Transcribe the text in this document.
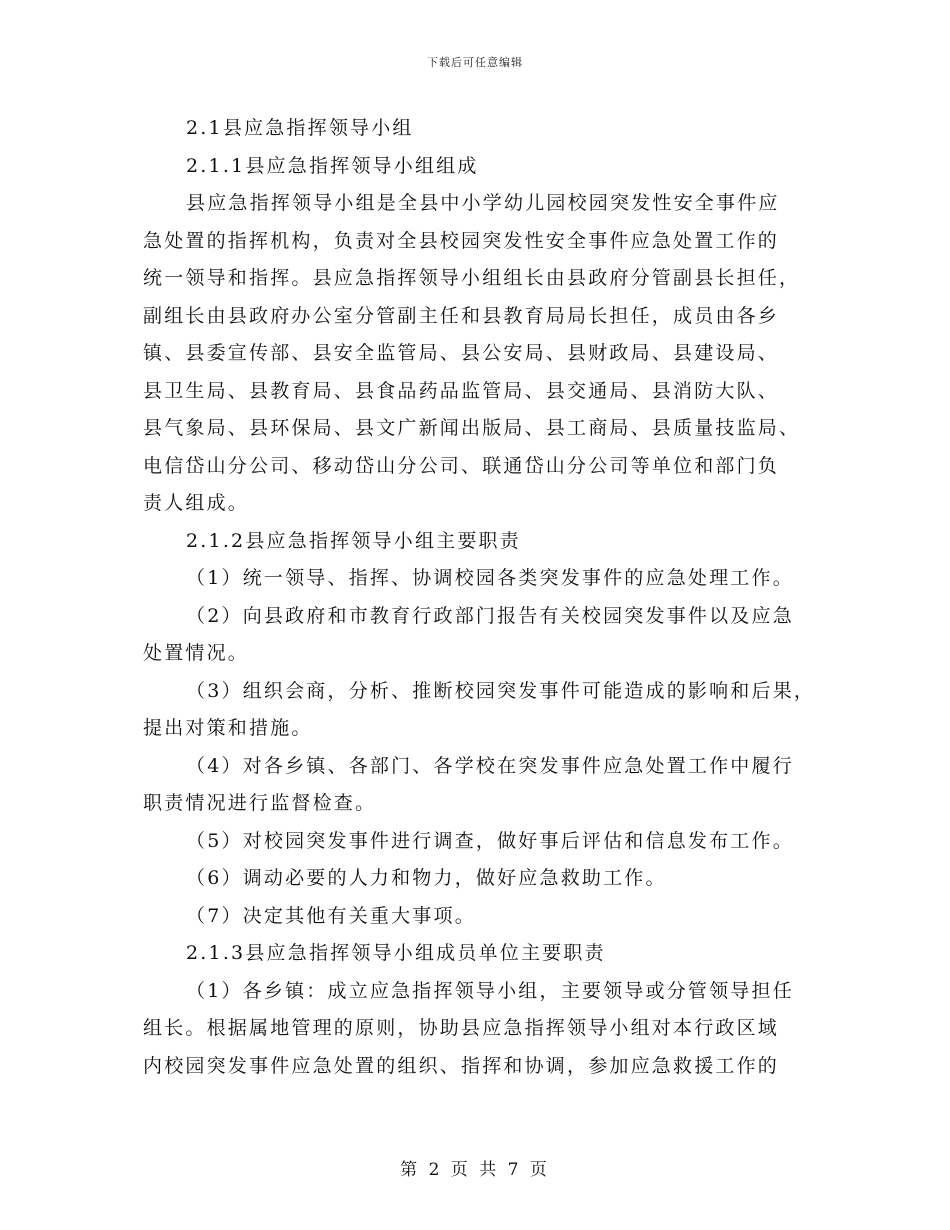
下载后可任意编辑
2.1县应急指挥领导小组
2.1.1县应急指挥领导小组组成
县应急指挥领导小组是全县中小学幼儿园校园突发性安全事件应
急处置的指挥机构，负责对全县校园突发性安全事件应急处置工作的
统一领导和指挥。县应急指挥领导小组组长由县政府分管副县长担任，
副组长由县政府办公室分管副主任和县教育局局长担任，成员由各乡
镇、县委宣传部、县安全监管局、县公安局、县财政局、县建设局、
县卫生局、县教育局、县食品药品监管局、县交通局、县消防大队、
县气象局、县环保局、县文广新闻出版局、县工商局、县质量技监局、
电信岱山分公司、移动岱山分公司、联通岱山分公司等单位和部门负
责人组成。
2.1.2县应急指挥领导小组主要职责
（1）统一领导、指挥、协调校园各类突发事件的应急处理工作。
（2）向县政府和市教育行政部门报告有关校园突发事件以及应急
处置情况。
（3）组织会商，分析、推断校园突发事件可能造成的影响和后果，
提出对策和措施。
（4）对各乡镇、各部门、各学校在突发事件应急处置工作中履行
职责情况进行监督检查。
（5）对校园突发事件进行调查，做好事后评估和信息发布工作。
（6）调动必要的人力和物力，做好应急救助工作。
（7）决定其他有关重大事项。
2.1.3县应急指挥领导小组成员单位主要职责
（1）各乡镇：成立应急指挥领导小组，主要领导或分管领导担任
组长。根据属地管理的原则，协助县应急指挥领导小组对本行政区域
内校园突发事件应急处置的组织、指挥和协调，参加应急救援工作的
第 2 页 共 7 页
